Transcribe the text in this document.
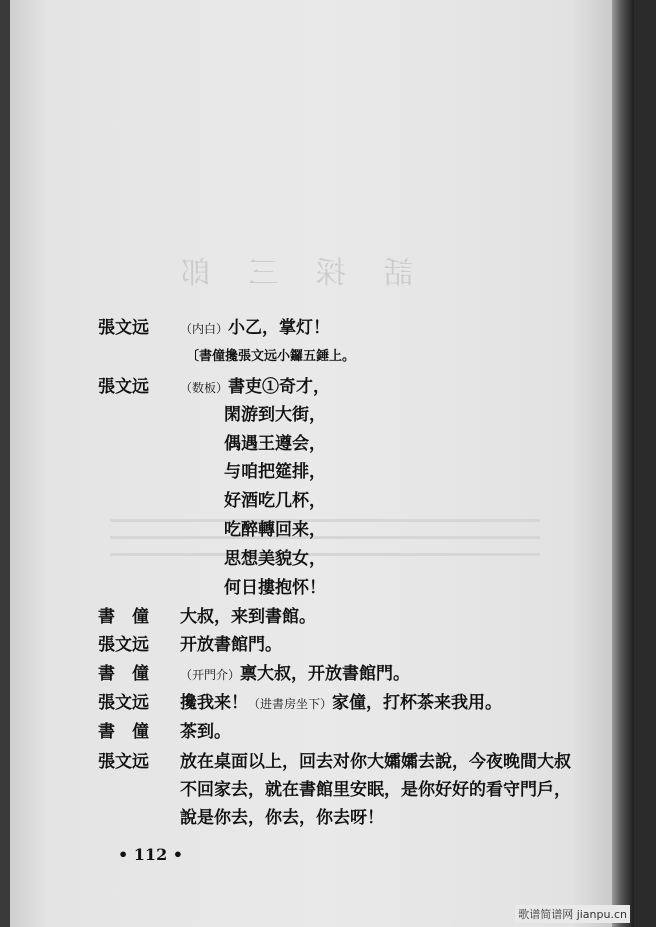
話 採 三 郎
張文远	（内白）小乙，掌灯！
〔書僮攙張文远小鑼五錘上。
張文远	（数板）書吏①奇才，
閑游到大街，
偶遇王遵会，
与咱把筵排，
好酒吃几杯，
吃醉轉回来，
思想美貌女，
何日摟抱怀！
書　僮	大叔，来到書館。
張文远	开放書館門。
書　僮	（开門介）禀大叔，开放書館門。
張文远	攙我来！（进書房坐下）家僮，打杯茶来我用。
書　僮	茶到。
張文远	放在桌面以上，回去对你大孀孀去說，今夜晚間大叔
不回家去，就在書館里安眠，是你好好的看守門戶，
說是你去，你去，你去呀！
• 112 •
歌谱简谱网 jianpu.cn
